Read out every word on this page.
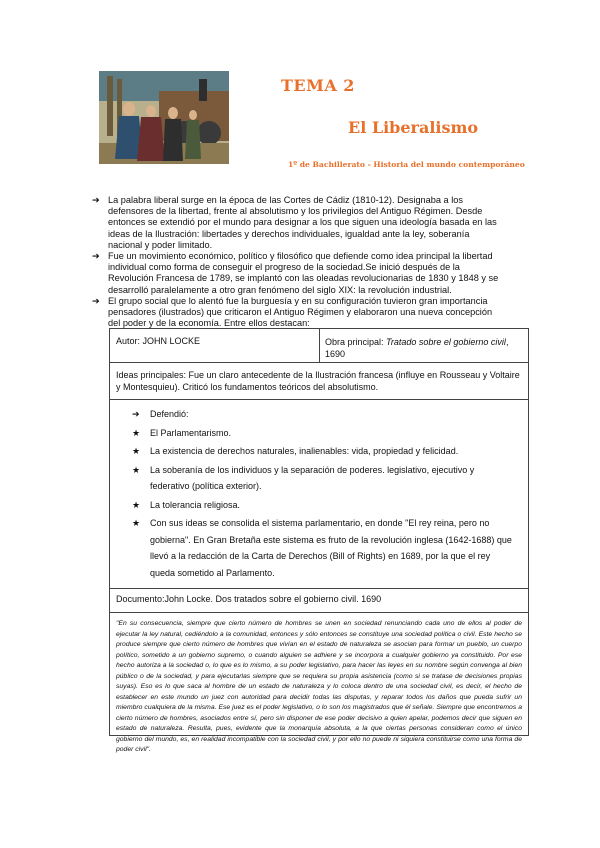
TEMA 2
El Liberalismo
1º de Bachillerato - Historia del mundo contemporáneo
➔ La palabra liberal surge en la época de las Cortes de Cádiz (1810-12). Designaba a los defensores de la libertad, frente al absolutismo y los privilegios del Antiguo Régimen. Desde entonces se extendió por el mundo para designar a los que siguen una ideología basada en las ideas de la Ilustración: libertades y derechos individuales, igualdad ante la ley, soberanía nacional y poder limitado.
➔ Fue un movimiento económico, político y filosófico que defiende como idea principal la libertad individual como forma de conseguir el progreso de la sociedad.Se inició después de la Revolución Francesa de 1789, se implantó con las oleadas revolucionarias de 1830 y 1848 y se desarrolló paralelamente a otro gran fenómeno del siglo XIX: la revolución industrial.
➔ El grupo social que lo alentó fue la burguesía y en su configuración tuvieron gran importancia pensadores (ilustrados) que criticaron el Antiguo Régimen y elaboraron una nueva concepción del poder y de la economía. Entre ellos destacan:
Autor: JOHN LOCKE	Obra principal: Tratado sobre el gobierno civil, 1690
Ideas principales: Fue un claro antecedente de la Ilustración francesa (influye en Rousseau y Voltaire y Montesquieu). Criticó los fundamentos teóricos del absolutismo.
➔ Defendió:
★ El Parlamentarismo.
★ La existencia de derechos naturales, inalienables: vida, propiedad y felicidad.
★ La soberanía de los individuos y la separación de poderes. legislativo, ejecutivo y federativo (política exterior).
★ La tolerancia religiosa.
★ Con sus ideas se consolida el sistema parlamentario, en donde "El rey reina, pero no gobierna". En Gran Bretaña este sistema es fruto de la revolución inglesa (1642-1688) que llevó a la redacción de la Carta de Derechos (Bill of Rights) en 1689, por la que el rey queda sometido al Parlamento.
Documento:John Locke. Dos tratados sobre el gobierno civil. 1690
"En su consecuencia, siempre que cierto número de hombres se unen en sociedad renunciando cada uno de ellos al poder de ejecutar la ley natural, cediéndolo a la comunidad, entonces y sólo entonces se constituye una sociedad política o civil. Este hecho se produce siempre que cierto número de hombres que vivían en el estado de naturaleza se asocian para formar un pueblo, un cuerpo político, sometido a un gobierno supremo, o cuando alguien se adhiere y se incorpora a cualquier gobierno ya constituido. Por ese hecho autoriza a la sociedad o, lo que es lo mismo, a su poder legislativo, para hacer las leyes en su nombre según convenga al bien público o de la sociedad, y para ejecutarlas siempre que se requiera su propia asistencia (como si se tratase de decisiones propias suyas). Eso es lo que saca al hombre de un estado de naturaleza y lo coloca dentro de una sociedad civil, es decir, el hecho de establecer en este mundo un juez con autoridad para decidir todas las disputas, y reparar todos los daños que pueda sufrir un miembro cualquiera de la misma. Ese juez es el poder legislativo, o lo son los magistrados que él señale. Siempre que encontremos a cierto número de hombres, asociados entre sí, pero sin disponer de ese poder decisivo a quien apelar, podemos decir que siguen en estado de naturaleza. Resulta, pues, evidente que la monarquía absoluta, a la que ciertas personas consideran como el único gobierno del mundo, es, en realidad incompatible con la sociedad civil, y por ello no puede ni siquiera constituirse como una forma de poder civil".
